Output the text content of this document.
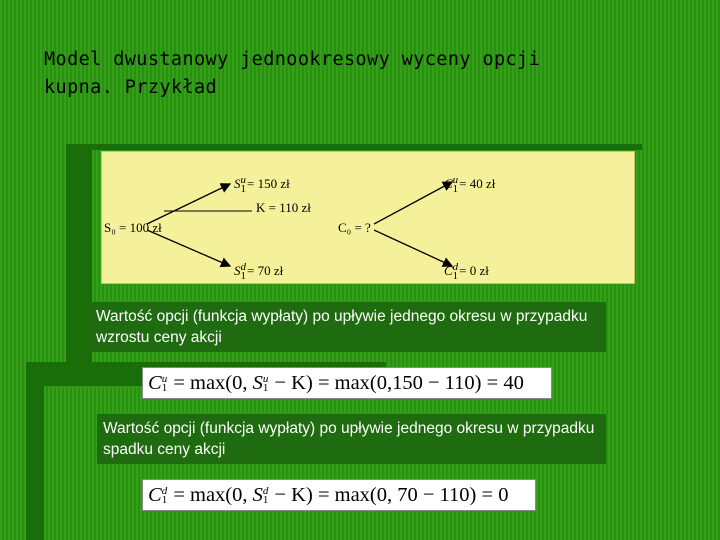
Model dwustanowy jednookresowy wyceny opcji
kupna. Przykład
S₀ = 100 zł
S u
1 = 150 zł
K = 110 zł
S d
1 = 70 zł
C₀ = ?
C u
1 = 40 zł
C d
1 = 0 zł
Wartość opcji (funkcja wypłaty) po upływie jednego okresu w przypadku wzrostu ceny akcji
C u
1 = max(0, S u
1 − K) = max(0,150 − 110) = 40
Wartość opcji (funkcja wypłaty) po upływie jednego okresu w przypadku spadku ceny akcji
C d
1 = max(0, S d
1 − K) = max(0, 70 − 110) = 0
